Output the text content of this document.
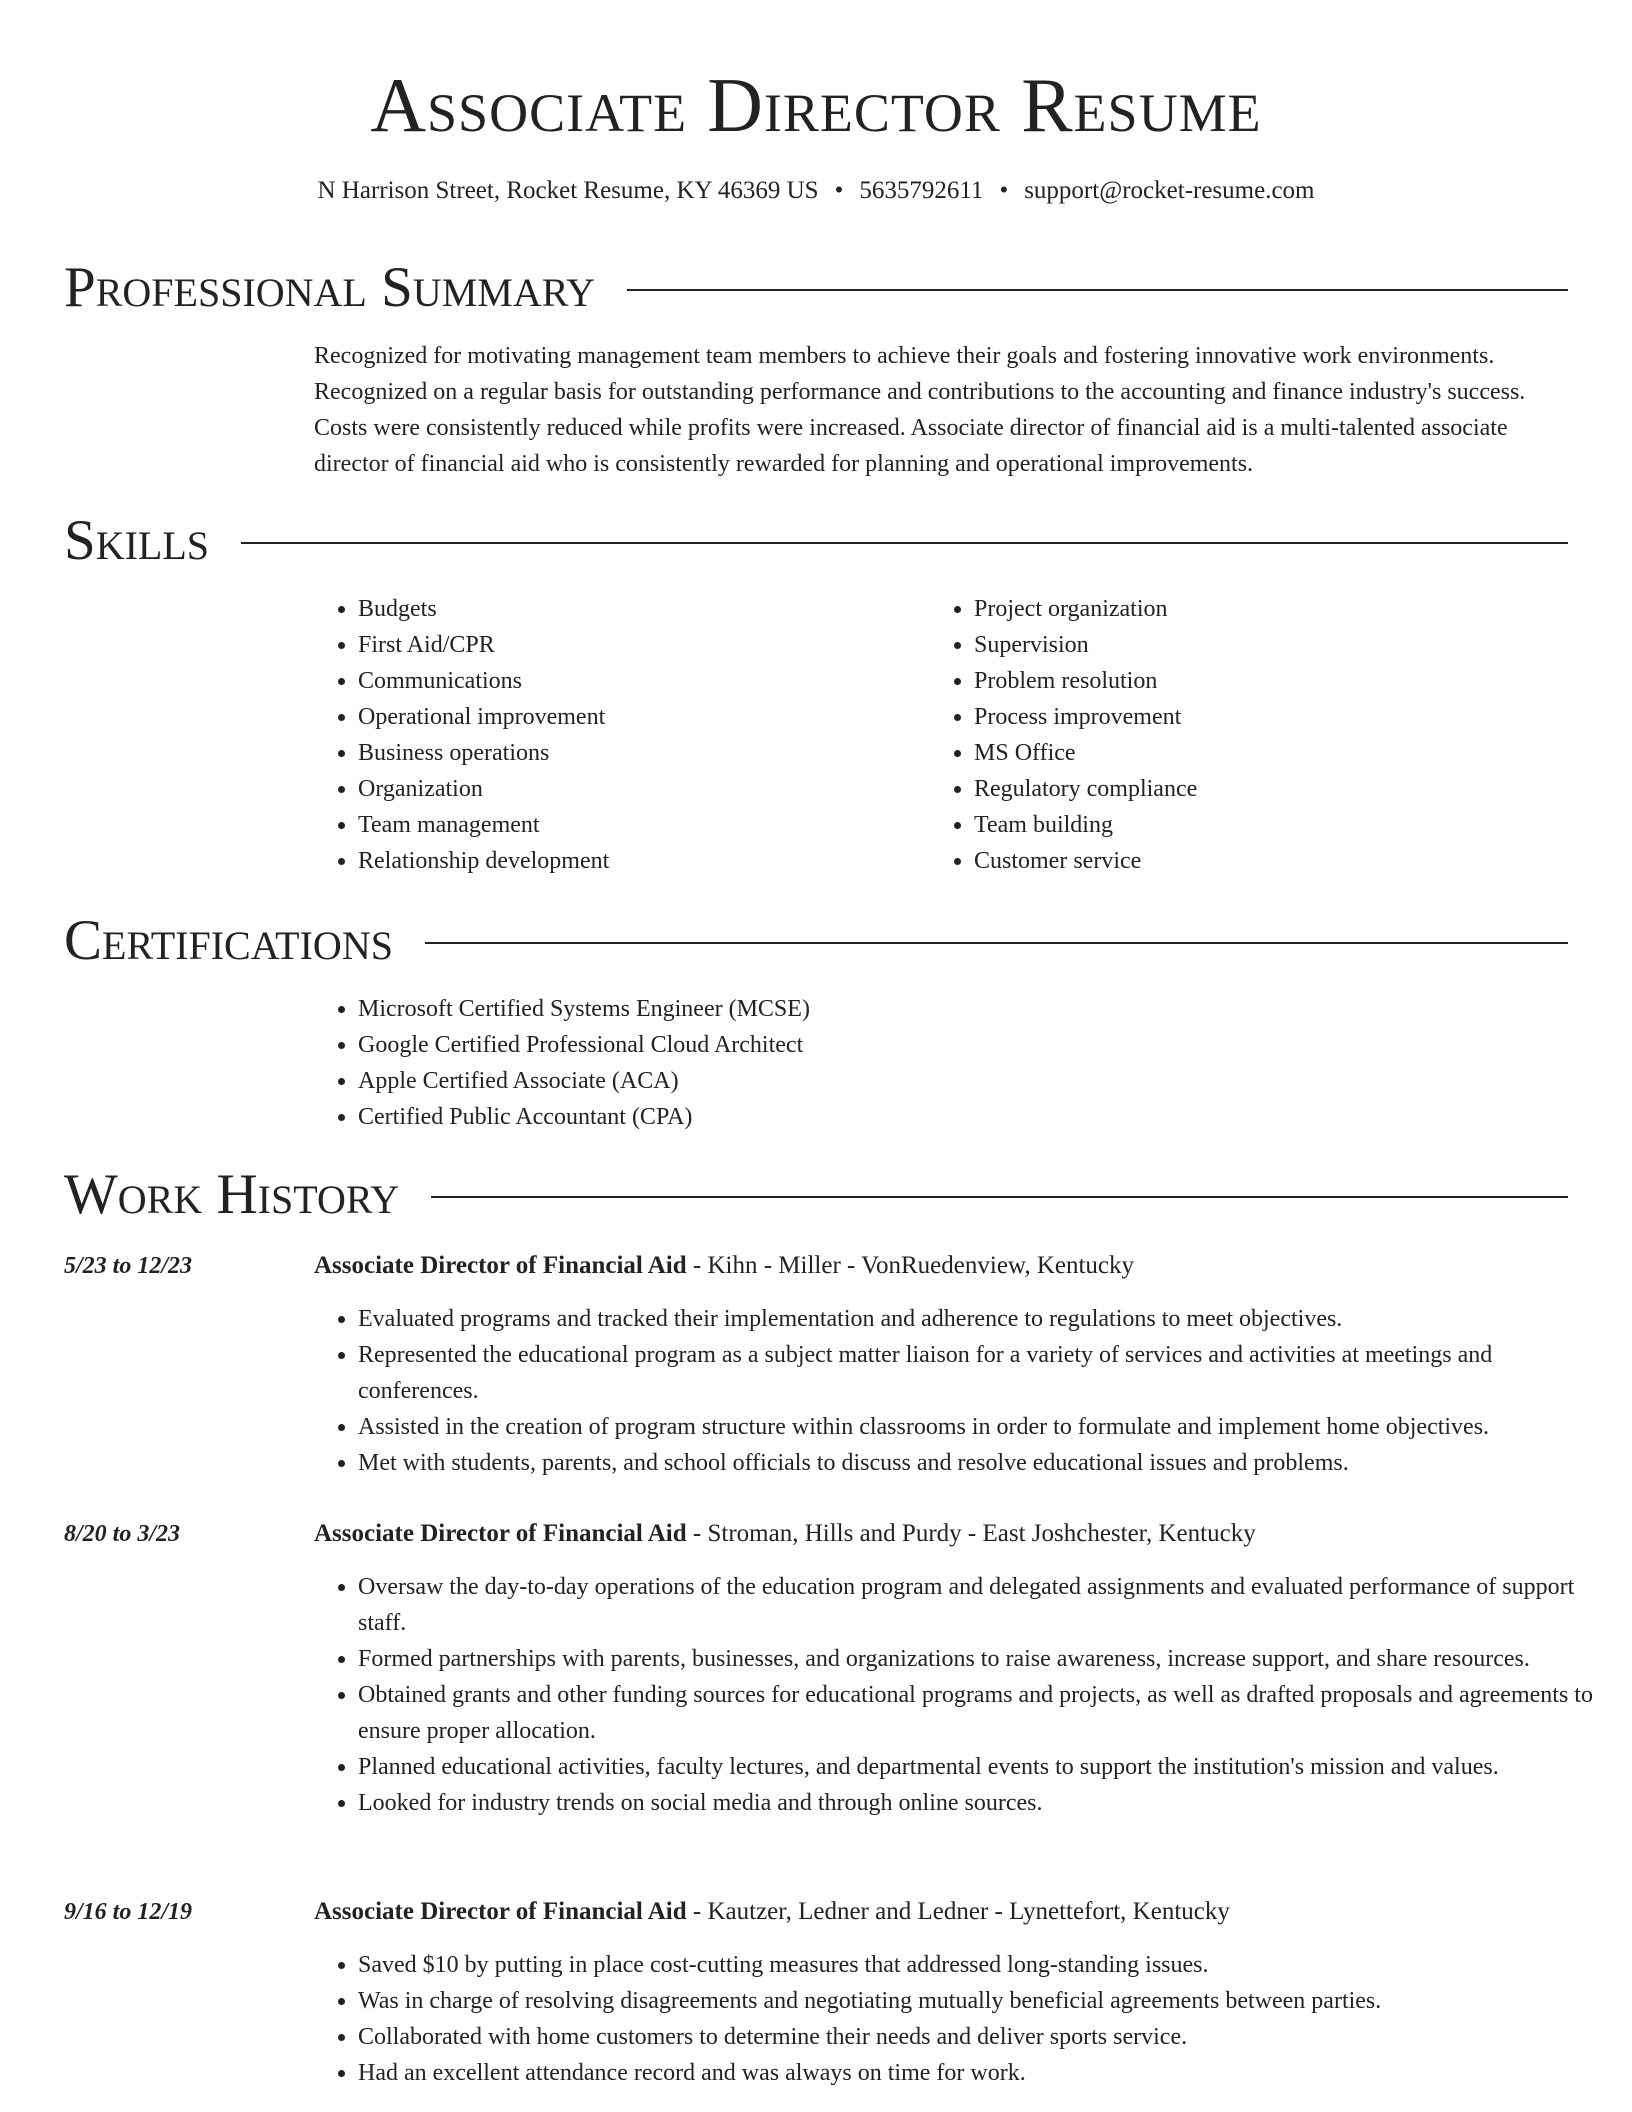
Associate Director Resume
N Harrison Street, Rocket Resume, KY 46369 US • 5635792611 • support@rocket-resume.com
Professional Summary

Recognized for motivating management team members to achieve their goals and fostering innovative work environments. Recognized on a regular basis for outstanding performance and contributions to the accounting and finance industry's success. Costs were consistently reduced while profits were increased. Associate director of financial aid is a multi-talented associate director of financial aid who is consistently rewarded for planning and operational improvements.

Skills
• Budgets
• First Aid/CPR
• Communications
• Operational improvement
• Business operations
• Organization
• Team management
• Relationship development
• Project organization
• Supervision
• Problem resolution
• Process improvement
• MS Office
• Regulatory compliance
• Team building
• Customer service
Certifications
• Microsoft Certified Systems Engineer (MCSE)
• Google Certified Professional Cloud Architect
• Apple Certified Associate (ACA)
• Certified Public Accountant (CPA)
Work History
5/23 to 12/23	Associate Director of Financial Aid - Kihn - Miller - VonRuedenview, Kentucky
• Evaluated programs and tracked their implementation and adherence to regulations to meet objectives.
• Represented the educational program as a subject matter liaison for a variety of services and activities at meetings and conferences.
• Assisted in the creation of program structure within classrooms in order to formulate and implement home objectives.
• Met with students, parents, and school officials to discuss and resolve educational issues and problems.
8/20 to 3/23	Associate Director of Financial Aid - Stroman, Hills and Purdy - East Joshchester, Kentucky
• Oversaw the day-to-day operations of the education program and delegated assignments and evaluated performance of support staff.
• Formed partnerships with parents, businesses, and organizations to raise awareness, increase support, and share resources.
• Obtained grants and other funding sources for educational programs and projects, as well as drafted proposals and agreements to ensure proper allocation.
• Planned educational activities, faculty lectures, and departmental events to support the institution's mission and values.
• Looked for industry trends on social media and through online sources.
9/16 to 12/19	Associate Director of Financial Aid - Kautzer, Ledner and Ledner - Lynettefort, Kentucky
• Saved $10 by putting in place cost-cutting measures that addressed long-standing issues.
• Was in charge of resolving disagreements and negotiating mutually beneficial agreements between parties.
• Collaborated with home customers to determine their needs and deliver sports service.
• Had an excellent attendance record and was always on time for work.
